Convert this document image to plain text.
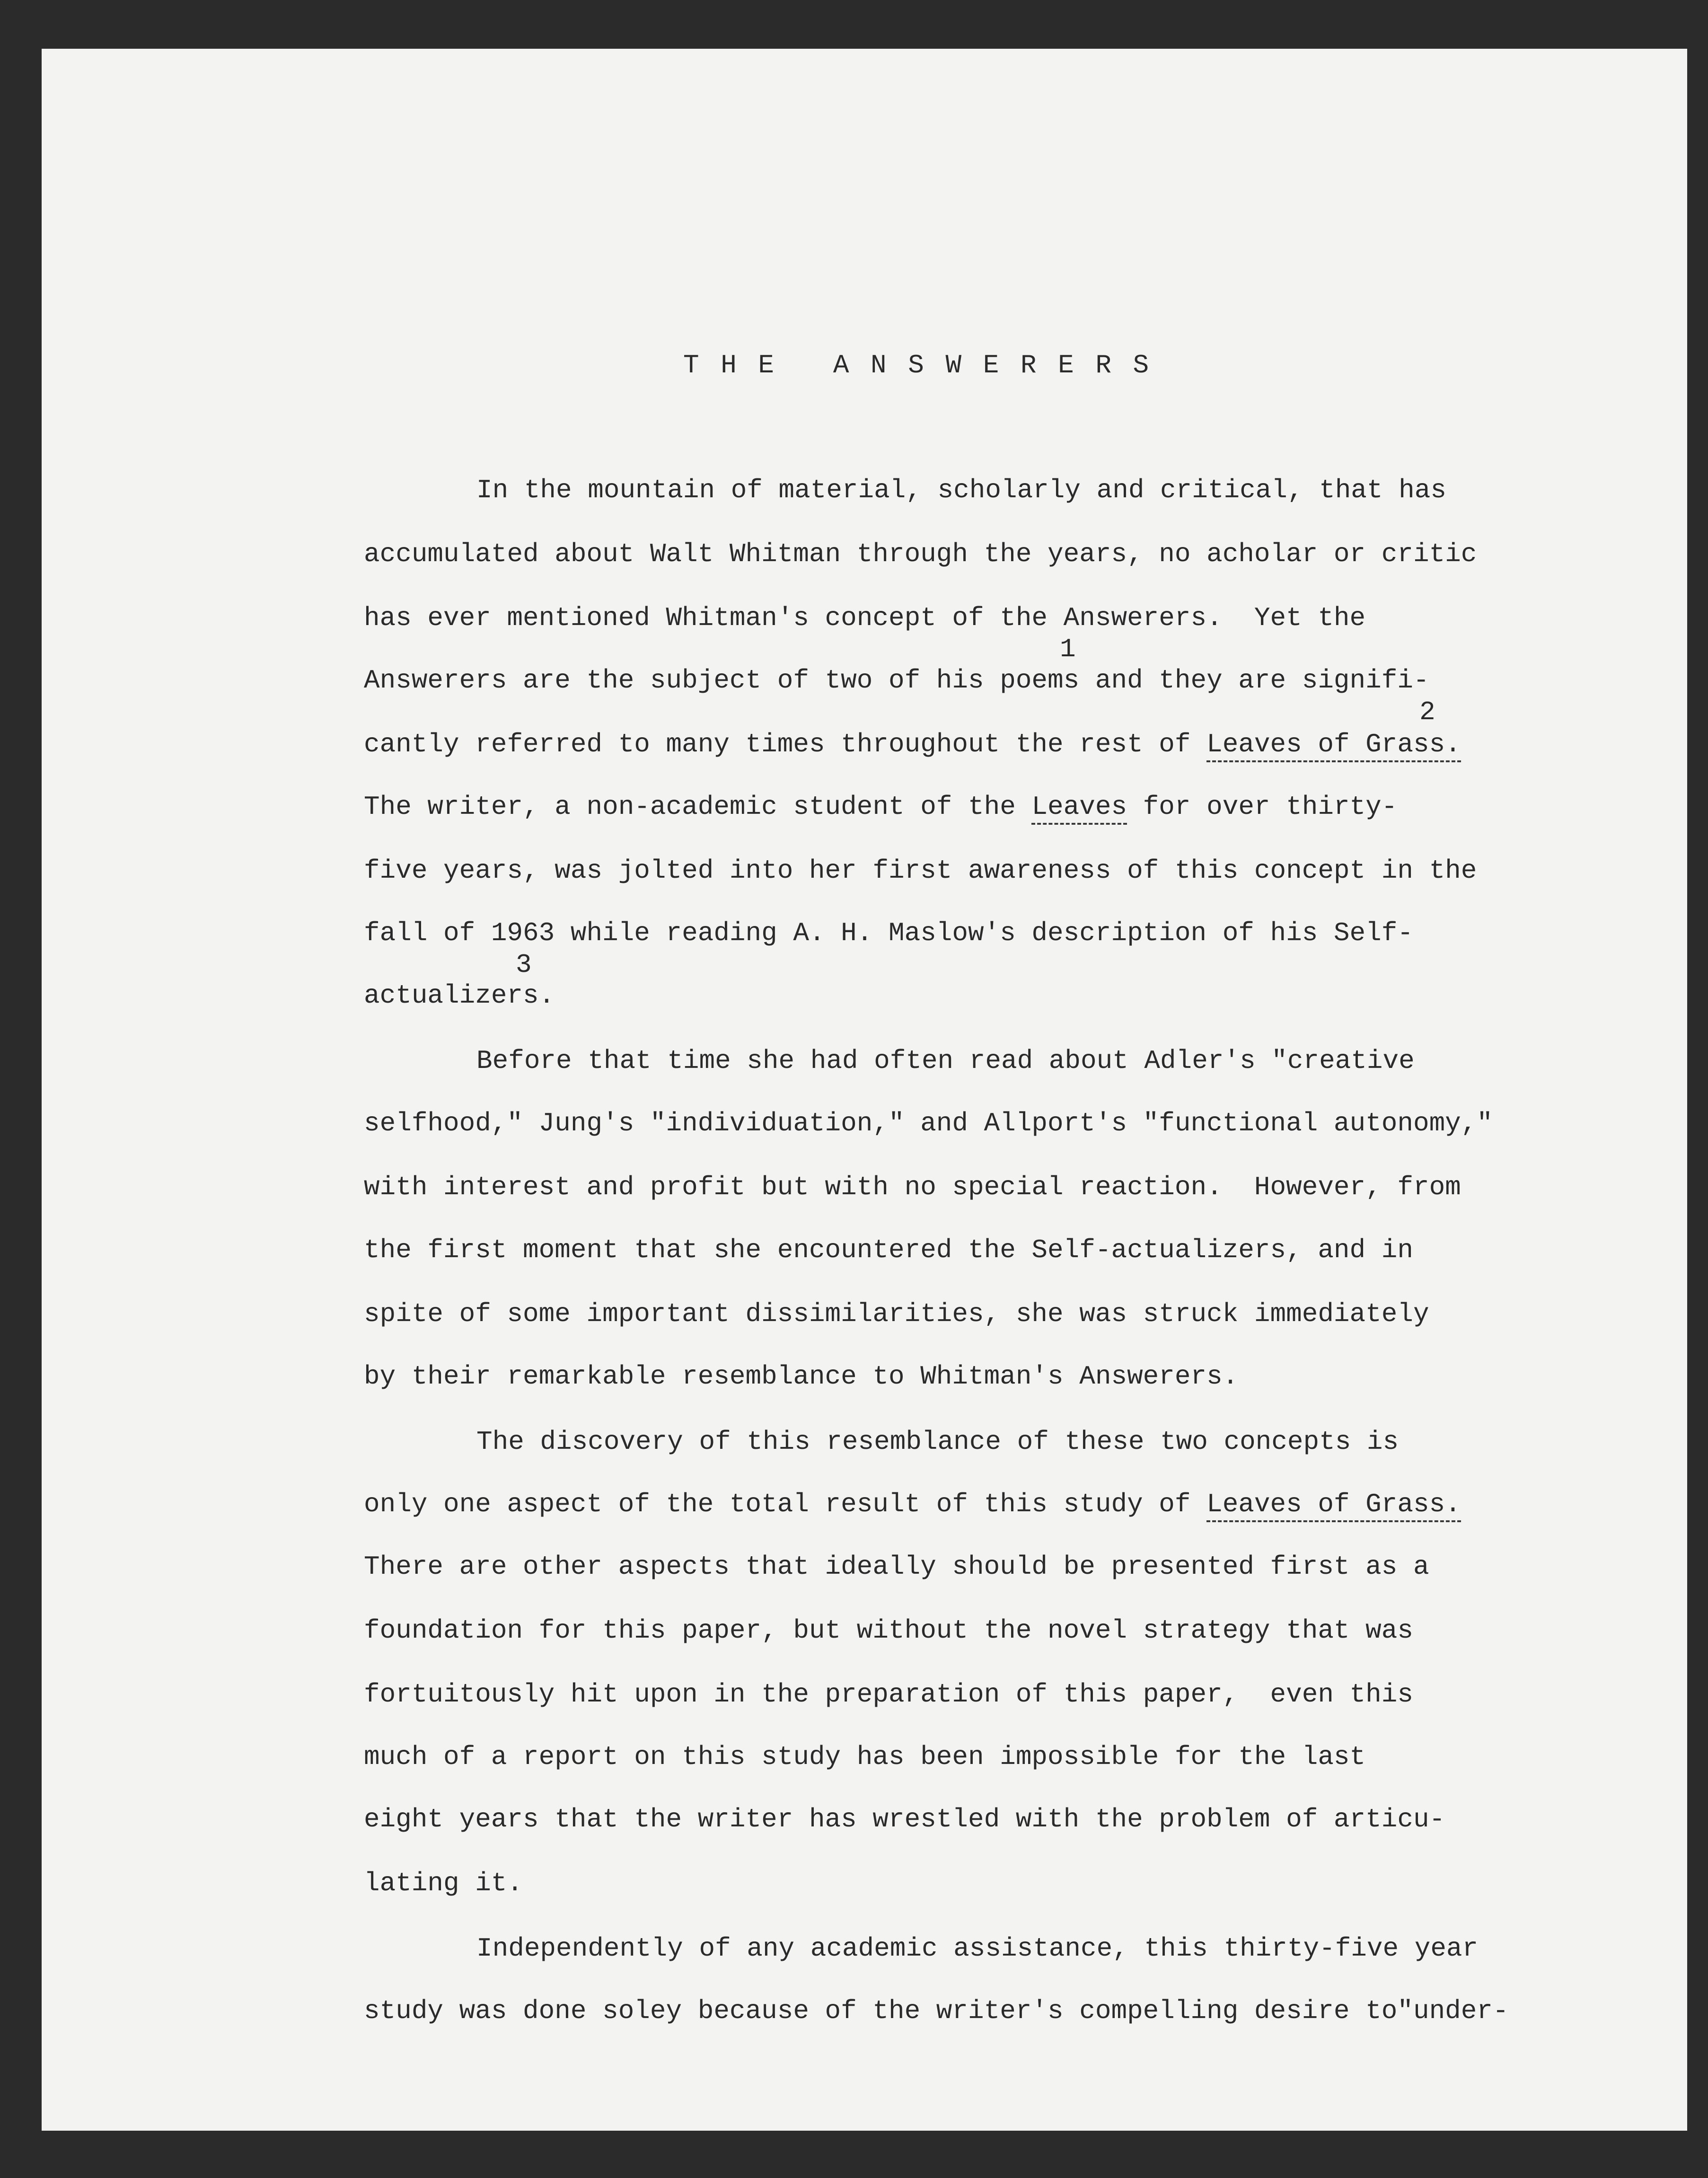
T H E   A N S W E R E R S
In the mountain of material, scholarly and critical, that has
accumulated about Walt Whitman through the years, no acholar or critic
has ever mentioned Whitman's concept of the Answerers.  Yet the
Answerers are the subject of two of his poems and they are signifi-
cantly referred to many times throughout the rest of Leaves of Grass.
The writer, a non-academic student of the Leaves for over thirty-
five years, was jolted into her first awareness of this concept in the
fall of 1963 while reading A. H. Maslow's description of his Self-
actualizers.
Before that time she had often read about Adler's "creative
selfhood," Jung's "individuation," and Allport's "functional autonomy,"
with interest and profit but with no special reaction.  However, from
the first moment that she encountered the Self-actualizers, and in
spite of some important dissimilarities, she was struck immediately
by their remarkable resemblance to Whitman's Answerers.
The discovery of this resemblance of these two concepts is
only one aspect of the total result of this study of Leaves of Grass.
There are other aspects that ideally should be presented first as a
foundation for this paper, but without the novel strategy that was
fortuitously hit upon in the preparation of this paper,  even this
much of a report on this study has been impossible for the last
eight years that the writer has wrestled with the problem of articu-
lating it.
Independently of any academic assistance, this thirty-five year
study was done soley because of the writer's compelling desire to"under-
1
2
3
